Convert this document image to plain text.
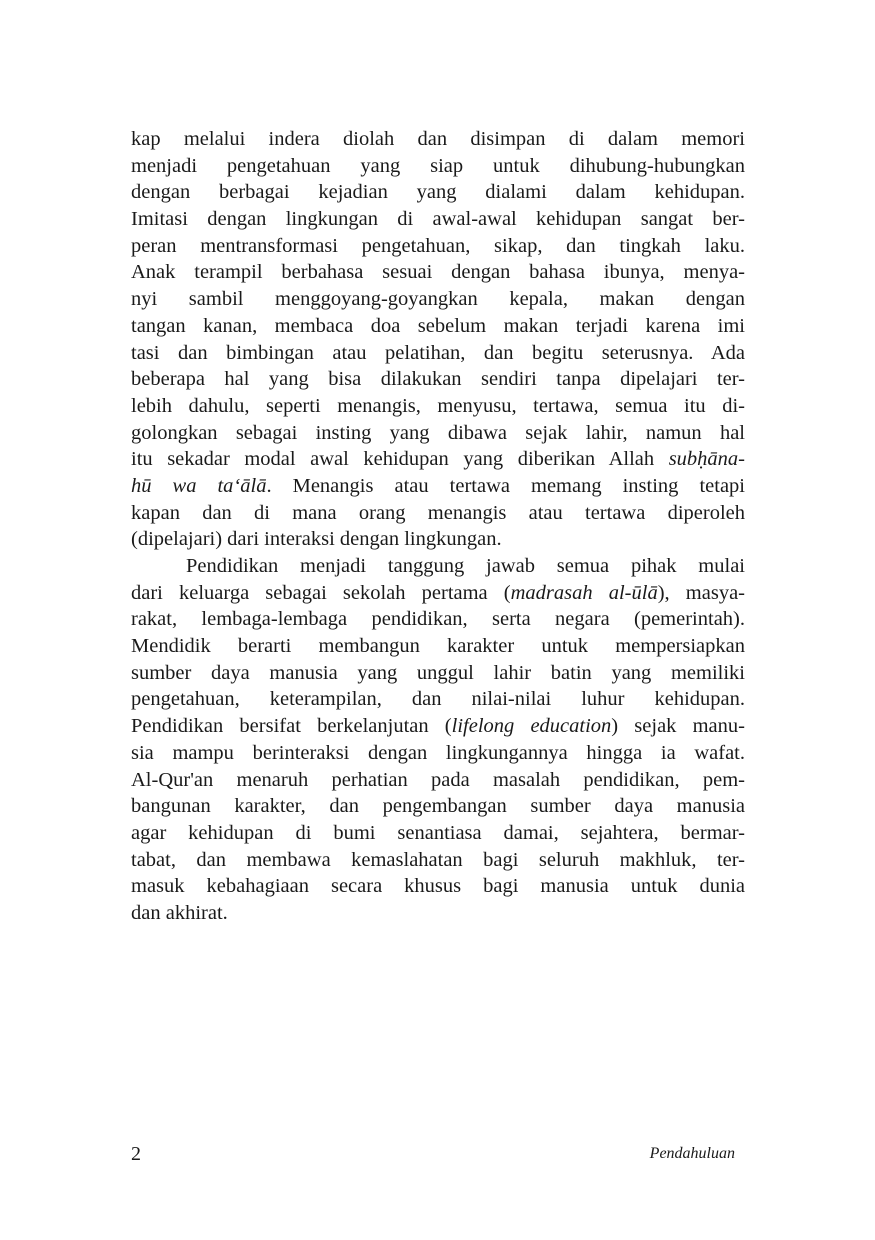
kap melalui indera diolah dan disimpan di dalam memori
menjadi pengetahuan yang siap untuk dihubung-hubungkan
dengan berbagai kejadian yang dialami dalam kehidupan.
Imitasi dengan lingkungan di awal-awal kehidupan sangat ber-
peran mentransformasi pengetahuan, sikap, dan tingkah laku.
Anak terampil berbahasa sesuai dengan bahasa ibunya, menya-
nyi sambil menggoyang-goyangkan kepala, makan dengan
tangan kanan, membaca doa sebelum makan terjadi karena imi
tasi dan bimbingan atau pelatihan, dan begitu seterusnya. Ada
beberapa hal yang bisa dilakukan sendiri tanpa dipelajari ter-
lebih dahulu, seperti menangis, menyusu, tertawa, semua itu di-
golongkan sebagai insting yang dibawa sejak lahir, namun hal
itu sekadar modal awal kehidupan yang diberikan Allah subḥāna-
hū wa ta‘ālā. Menangis atau tertawa memang insting tetapi
kapan dan di mana orang menangis atau tertawa diperoleh
(dipelajari) dari interaksi dengan lingkungan.
Pendidikan menjadi tanggung jawab semua pihak mulai
dari keluarga sebagai sekolah pertama (madrasah al-ūlā), masya-
rakat, lembaga-lembaga pendidikan, serta negara (pemerintah).
Mendidik berarti membangun karakter untuk mempersiapkan
sumber daya manusia yang unggul lahir batin yang memiliki
pengetahuan, keterampilan, dan nilai-nilai luhur kehidupan.
Pendidikan bersifat berkelanjutan (lifelong education) sejak manu-
sia mampu berinteraksi dengan lingkungannya hingga ia wafat.
Al-Qur'an menaruh perhatian pada masalah pendidikan, pem-
bangunan karakter, dan pengembangan sumber daya manusia
agar kehidupan di bumi senantiasa damai, sejahtera, bermar-
tabat, dan membawa kemaslahatan bagi seluruh makhluk, ter-
masuk kebahagiaan secara khusus bagi manusia untuk dunia
dan akhirat.
2	Pendahuluan
